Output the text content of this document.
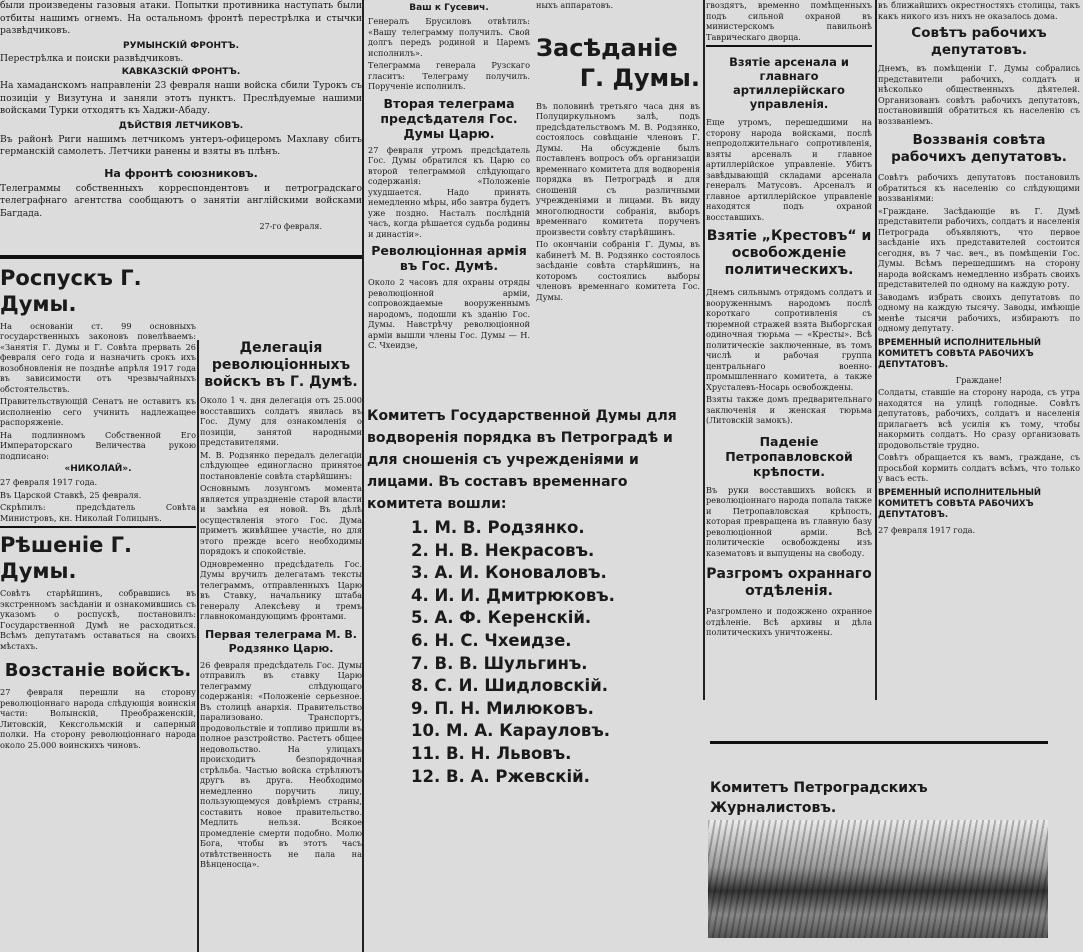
были произведены газовыя атаки. Попытки противника наступать были отбиты нашимъ огнемъ. На остальномъ фронтѣ перестрѣлка и стычки развѣдчиковъ.

РУМЫНСКІЙ ФРОНТЪ.

Перестрѣлка и поиски развѣдчиковъ.

КАВКАЗСКІЙ ФРОНТЪ.

На хамаданскомъ направленіи 23 февраля наши войска сбили Турокъ съ позиціи у Визутуна и заняли этотъ пунктъ. Преслѣдуемые нашими войсками Турки отходятъ къ Хаджи-Абаду.

ДѢЙСТВІЯ ЛЕТЧИКОВЪ.

Въ районѣ Риги нашимъ летчикомъ унтеръ-офицеромъ Махлаву сбитъ германскій самолетъ. Летчики ранены и взяты въ плѣнъ.

На фронтѣ союзниковъ.

Телеграммы собственныхъ корреспондентовъ и петроградскаго телеграфнаго агентства сообщаютъ о занятіи англійскими войсками Багдада.

27-го февраля.

Роспускъ Г. Думы.

На основаніи ст. 99 основныхъ государственныхъ законовъ повелѣваемъ: «Занятія Г. Думы и Г. Совѣта прервать 26 февраля сего года и назначить срокъ ихъ возобновленія не позднѣе апрѣля 1917 года въ зависимости отъ чрезвычайныхъ обстоятельствъ.

Правительствующій Сенатъ не оставитъ къ исполненію сего учинить надлежащее распоряженіе.

На подлинномъ Собственной Его Императорскаго Величества рукою подписано:

«НИКОЛАЙ».

27 февраля 1917 года.

Въ Царской Ставкѣ, 25 февраля.

Скрѣпилъ: предсѣдатель Совѣта Министровъ, кн. Николай Голицынъ.

Рѣшеніе Г. Думы.

Совѣтъ старѣйшинъ, собравшись въ экстренномъ засѣданіи и ознакомившись съ указомъ о роспускѣ, постановилъ: Государственной Думѣ не расходиться. Всѣмъ депутатамъ оставаться на своихъ мѣстахъ.

Возстаніе войскъ.

27 февраля перешли на сторону революціоннаго народа слѣдующія воинскія части: Волынскій, Преображенскій, Литовскій, Кексгольмскій и саперный полки. На сторону революціоннаго народа около 25.000 воинскихъ чиновъ.

Делегація революціонныхъ войскъ въ Г. Думѣ.

Около 1 ч. дня делегація отъ 25.000 восставшихъ солдатъ явилась въ Гос. Думу для ознакомленія о позиціи, занятой народными представителями.

М. В. Родзянко передалъ делегаціи слѣдующее единогласно принятое постановленіе совѣта старѣйшинъ:

Основнымъ лозунгомъ момента является упраздненіе старой власти и замѣна ея новой. Въ дѣлѣ осуществленія этого Гос. Дума приметъ живѣйшее участіе, но для этого прежде всего необходимы порядокъ и спокойствіе.

Одновременно предсѣдатель Гос. Думы вручилъ делегатамъ тексты телеграммъ, отправленныхъ Царю въ Ставку, начальнику штаба генералу Алексѣеву и тремъ главнокомандующимъ фронтами.

Первая телеграма М. В. Родзянко Царю.

26 февраля предсѣдатель Гос. Думы отправилъ въ ставку Царю телеграмму слѣдующаго содержанія: «Положеніе серьезное. Въ столицѣ анархія. Правительство парализовано. Транспортъ, продовольствіе и топливо пришли въ полное разстройство. Растетъ общее недовольство. На улицахъ происходитъ безпорядочная стрѣльба. Частью войска стрѣляютъ другъ въ друга. Необходимо немедленно поручить лицу, пользующемуся довѣріемъ страны, составить новое правительство. Медлить нельзя. Всякое промедленіе смерти подобно. Молю Бога, чтобы въ этотъ часъ отвѣтственность не пала на Вѣнценосца».

Ваш к Гусевич.

Генералъ Брусиловъ отвѣтилъ: «Вашу телеграмму получилъ. Свой долгъ передъ родиной и Царемъ исполнилъ».

Телеграмма генерала Рузскаго гласитъ: Телеграму получилъ. Порученіе исполнилъ.

Вторая телеграма предсѣдателя Гос. Думы Царю.

27 февраля утромъ предсѣдатель Гос. Думы обратился къ Царю со второй телеграммой слѣдующаго содержанія: «Положеніе ухудшается. Надо принять немедленно мѣры, ибо завтра будетъ уже поздно. Насталъ послѣдній часъ, когда рѣшается судьба родины и династіи».

Революціонная армія въ Гос. Думѣ.

Около 2 часовъ для охраны отряды революціонной арміи, сопровождаемые вооруженнымъ народомъ, подошли къ зданію Гос. Думы. Навстрѣчу революціонной арміи вышли члены Гос. Думы — Н. С. Чхеидзе,

ныхъ аппаратовъ.

Засѣданіе
Г. Думы.

Въ половинѣ третьяго часа дня въ Полуциркульномъ залѣ, подъ предсѣдательствомъ М. В. Родзянко, состоялось совѣщаніе членовъ Г. Думы. На обсужденіе былъ поставленъ вопросъ объ организаціи временнаго комитета для водворенія порядка въ Петроградѣ и для сношеній съ различными учрежденіями и лицами. Въ виду многолюдности собранія, выборъ временнаго комитета порученъ произвести совѣту старѣйшинъ.

По окончаніи собранія Г. Думы, въ кабинетѣ М. В. Родзянко состоялось засѣданіе совѣта старѣйшинъ, на которомъ состоялись выборы членовъ временнаго комитета Гос. Думы.

Комитетъ Государственной Думы для водворенія порядка въ Петроградѣ и для сношенія съ учрежденіями и лицами. Въ составъ временнаго комитета вошли:
1. М. В. Родзянко.
2. Н. В. Некрасовъ.
3. А. И. Коноваловъ.
4. И. И. Дмитрюковъ.
5. А. Ф. Керенскій.
6. Н. С. Чхеидзе.
7. В. В. Шульгинъ.
8. С. И. Шидловскій.
9. П. Н. Милюковъ.
10. М. А. Карауловъ.
11. В. Н. Львовъ.
12. В. А. Ржевскій.

гвоздятъ, временно помѣщенныхъ подъ сильной охраной въ министерскомъ павильонѣ Таврическаго дворца.

Взятіе арсенала и главнаго артиллерійскаго управленія.

Еще утромъ, перешедшими на сторону народа войсками, послѣ непродолжительнаго сопротивленія, взяты арсеналъ и главное артиллерійское управленіе. Убитъ завѣдывающій складами арсенала генералъ Матусовъ. Арсеналъ и главное артиллерійское управленіе находятся подъ охраной восставшихъ.

Взятіе „Крестовъ“ и освобожденіе политическихъ.

Днемъ сильнымъ отрядомъ солдатъ и вооруженнымъ народомъ послѣ короткаго сопротивленія съ тюремной стражей взята Выборгская одиночная тюрьма — «Кресты». Всѣ политическіе заключенные, въ томъ числѣ и рабочая группа центральнаго военно-промышленнаго комитета, а также Хрусталевъ-Носарь освобождены.

Взяты также домъ предварительнаго заключенія и женская тюрьма (Литовскій замокъ).

Паденіе Петропавловской крѣпости.

Въ руки восставшихъ войскъ и революціоннаго народа попала также и Петропавловская крѣпость, которая превращена въ главную базу революціонной арміи. Всѣ политическіе освобождены изъ казематовъ и выпущены на свободу.

Разгромъ охраннаго отдѣленія.

Разгромлено и подожжено охранное отдѣленіе. Всѣ архивы и дѣла политическихъ уничтожены.

въ ближайшихъ окрестностяхъ столицы, такъ какъ никого изъ нихъ не оказалось дома.

Совѣтъ рабочихъ депутатовъ.

Днемъ, въ помѣщеніи Г. Думы собрались представители рабочихъ, солдатъ и нѣсколько общественныхъ дѣятелей. Организованъ совѣтъ рабочихъ депутатовъ, постановившій обратиться къ населенію съ воззваніемъ.

Воззванія совѣта рабочихъ депутатовъ.

Совѣтъ рабочихъ депутатовъ постановилъ обратиться къ населенію со слѣдующими воззваніями:

«Граждане. Засѣдающіе въ Г. Думѣ представители рабочихъ, солдатъ и населенія Петрограда объявляютъ, что первое засѣданіе ихъ представителей состоится сегодня, въ 7 час. веч., въ помѣщеніи Гос. Думы. Всѣмъ перешедшимъ на сторону народа войскамъ немедленно избрать своихъ представителей по одному на каждую роту.

Заводамъ избрать своихъ депутатовъ по одному на каждую тысячу. Заводы, имѣющіе менѣе тысячи рабочихъ, избираютъ по одному депутату.

ВРЕМЕННЫЙ ИСПОЛНИТЕЛЬНЫЙ КОМИТЕТЪ СОВѢТА РАБОЧИХЪ ДЕПУТАТОВЪ.

Граждане!

Солдаты, ставшіе на сторону народа, съ утра находятся на улицѣ голодные. Совѣтъ депутатовъ, рабочихъ, солдатъ и населенія прилагаетъ всѣ усилія къ тому, чтобы накормить солдатъ. Но сразу организовать продовольствіе трудно.

Совѣтъ обращается къ вамъ, граждане, съ просьбой кормить солдатъ всѣмъ, что только у васъ есть.

ВРЕМЕННЫЙ ИСПОЛНИТЕЛЬНЫЙ КОМИТЕТЪ СОВѢТА РАБОЧИХЪ ДЕПУТАТОВЪ.

27 февраля 1917 года.

Комитетъ Петроградскихъ Журналистовъ.
